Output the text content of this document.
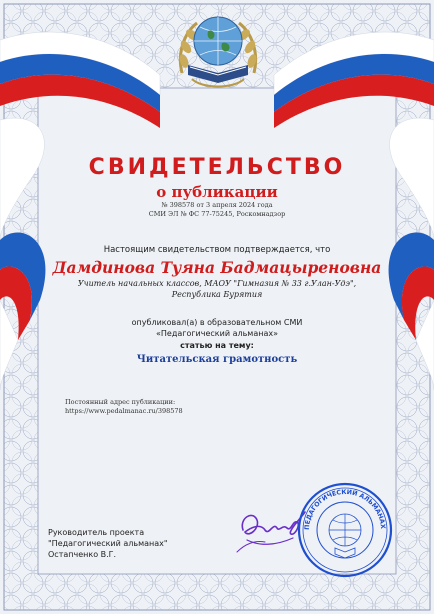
СВИДЕТЕЛЬСТВО
о публикации
№ 398578 от 3 апреля 2024 года
СМИ ЭЛ № ФС 77-75245, Роскомнадзор
Настоящим свидетельством подтверждается, что
Дамдинова Туяна Бадмацыреновна
Учитель начальных классов, МАОУ "Гимназия № 33 г.Улан-Удэ",
Республика Бурятия
опубликовал(а) в образовательном СМИ
«Педагогический альманах»
статью на тему:
Читательская грамотность
Постоянный адрес публикации:
https://www.pedalmanac.ru/398578
Руководитель проекта
"Педагогический альманах"
Остапченко В.Г.
ПЕДАГОГИЧЕСКИЙ АЛЬМАНАХ
